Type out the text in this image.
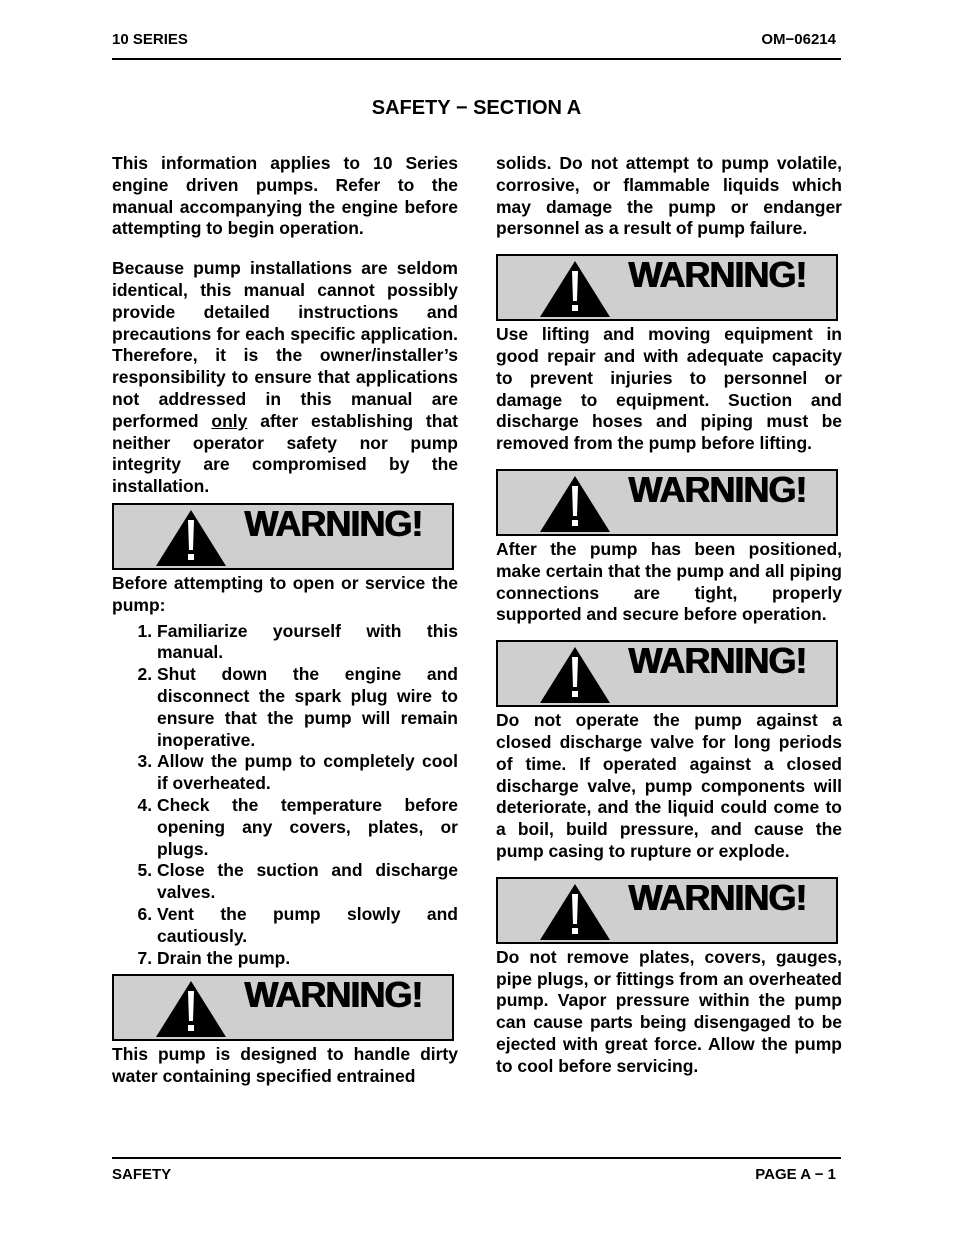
10 SERIES	OM−06214
SAFETY − SECTION A

This information applies to 10 Series engine driven pumps. Refer to the manual accompanying the engine before attempting to begin operation.

Because pump installations are seldom identical, this manual cannot possibly provide detailed instructions and precautions for each specific application. Therefore, it is the owner/installer’s responsibility to ensure that applications not addressed in this manual are performed only after establishing that neither operator safety nor pump integrity are compromised by the installation.

WARNING!

Before attempting to open or service the pump:

1. Familiarize yourself with this manual.
2. Shut down the engine and disconnect the spark plug wire to ensure that the pump will remain inoperative.
3. Allow the pump to completely cool if overheated.
4. Check the temperature before opening any covers, plates, or plugs.
5. Close the suction and discharge valves.
6. Vent the pump slowly and cautiously.
7. Drain the pump.
WARNING!

This pump is designed to handle dirty water containing specified entrained

solids. Do not attempt to pump volatile, corrosive, or flammable liquids which may damage the pump or endanger personnel as a result of pump failure.

WARNING!

Use lifting and moving equipment in good repair and with adequate capacity to prevent injuries to personnel or damage to equipment. Suction and discharge hoses and piping must be removed from the pump before lifting.

WARNING!

After the pump has been positioned, make certain that the pump and all piping connections are tight, properly supported and secure before operation.

WARNING!

Do not operate the pump against a closed discharge valve for long periods of time. If operated against a closed discharge valve, pump components will deteriorate, and the liquid could come to a boil, build pressure, and cause the pump casing to rupture or explode.

WARNING!

Do not remove plates, covers, gauges, pipe plugs, or fittings from an overheated pump. Vapor pressure within the pump can cause parts being disengaged to be ejected with great force. Allow the pump to cool before servicing.

SAFETY	PAGE A − 1
